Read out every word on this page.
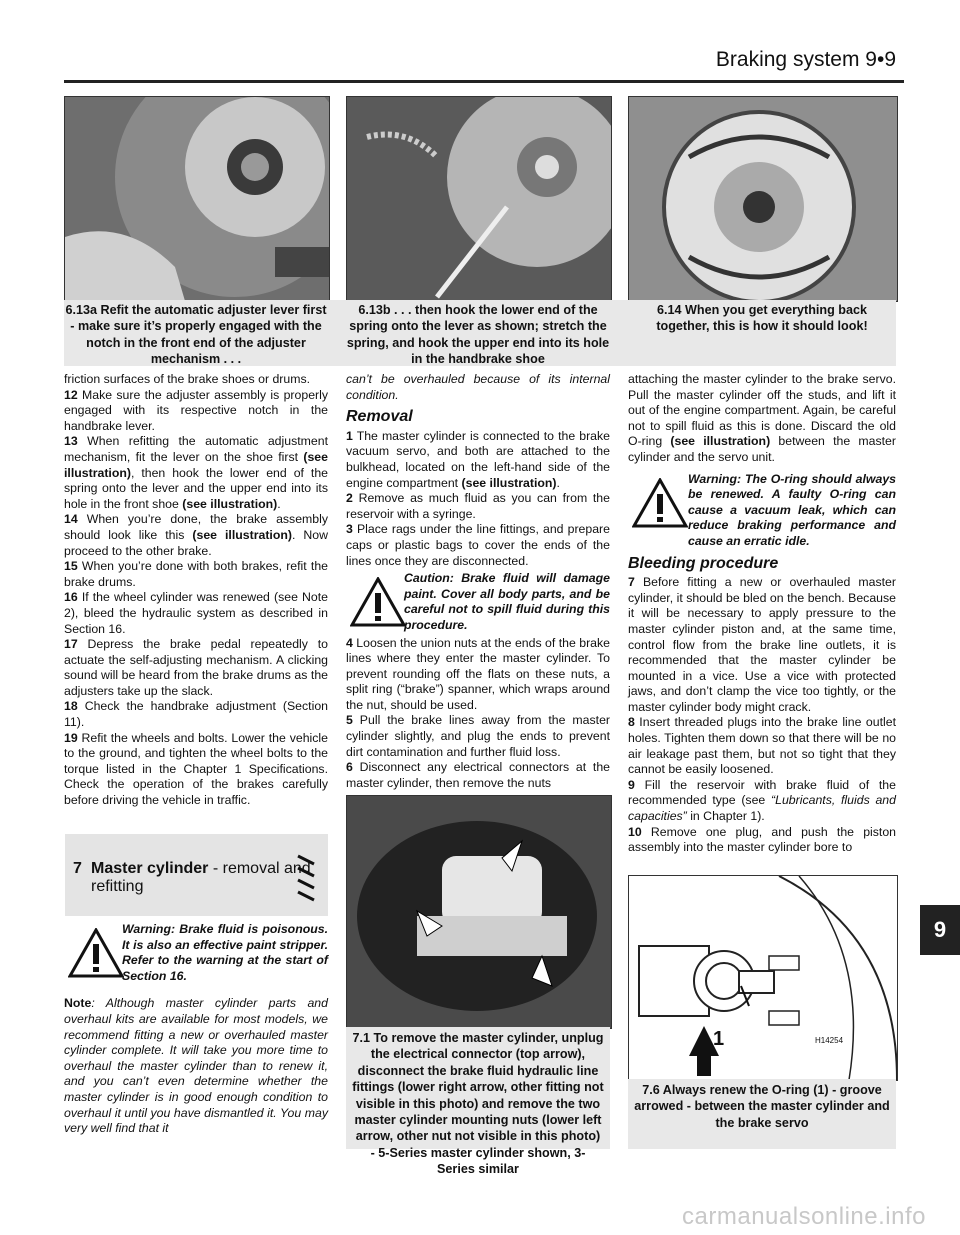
Braking system 9•9
6.13a Refit the automatic adjuster lever first - make sure it’s properly engaged with the notch in the front end of the adjuster mechanism . . .
6.13b . . . then hook the lower end of the spring onto the lever as shown; stretch the spring, and hook the upper end into its hole in the handbrake shoe
6.14 When you get everything back together, this is how it should look!

friction surfaces of the brake shoes or drums.

12 Make sure the adjuster assembly is properly engaged with its respective notch in the handbrake lever.

13 When refitting the automatic adjustment mechanism, fit the lever on the shoe first (see illustration), then hook the lower end of the spring onto the lever and the upper end into its hole in the front shoe (see illustration).

14 When you’re done, the brake assembly should look like this (see illustration). Now proceed to the other brake.

15 When you’re done with both brakes, refit the brake drums.

16 If the wheel cylinder was renewed (see Note 2), bleed the hydraulic system as described in Section 16.

17 Depress the brake pedal repeatedly to actuate the self-adjusting mechanism. A clicking sound will be heard from the brake drums as the adjusters take up the slack.

18 Check the handbrake adjustment (Section 11).

19 Refit the wheels and bolts. Lower the vehicle to the ground, and tighten the wheel bolts to the torque listed in the Chapter 1 Specifications. Check the operation of the brakes carefully before driving the vehicle in traffic.

7 Master cylinder - removal and refitting
Warning: Brake fluid is poisonous. It is also an effective paint stripper. Refer to the warning at the start of Section 16.

Note: Although master cylinder parts and overhaul kits are available for most models, we recommend fitting a new or overhauled master cylinder complete. It will take you more time to overhaul the master cylinder than to renew it, and you can’t even determine whether the master cylinder is in good enough condition to overhaul it until you have dismantled it. You may very well find that it

can’t be overhauled because of its internal condition.

Removal

1 The master cylinder is connected to the brake vacuum servo, and both are attached to the bulkhead, located on the left-hand side of the engine compartment (see illustration).

2 Remove as much fluid as you can from the reservoir with a syringe.

3 Place rags under the line fittings, and prepare caps or plastic bags to cover the ends of the lines once they are disconnected.

Caution: Brake fluid will damage paint. Cover all body parts, and be careful not to spill fluid during this procedure.

4 Loosen the union nuts at the ends of the brake lines where they enter the master cylinder. To prevent rounding off the flats on these nuts, a split ring (“brake”) spanner, which wraps around the nut, should be used.

5 Pull the brake lines away from the master cylinder slightly, and plug the ends to prevent dirt contamination and further fluid loss.

6 Disconnect any electrical connectors at the master cylinder, then remove the nuts

7.1 To remove the master cylinder, unplug the electrical connector (top arrow), disconnect the brake fluid hydraulic line fittings (lower right arrow, other fitting not visible in this photo) and remove the two master cylinder mounting nuts (lower left arrow, other nut not visible in this photo) - 5-Series master cylinder shown, 3-Series similar

attaching the master cylinder to the brake servo. Pull the master cylinder off the studs, and lift it out of the engine compartment. Again, be careful not to spill fluid as this is done. Discard the old O-ring (see illustration) between the master cylinder and the servo unit.

Warning: The O-ring should always be renewed. A faulty O-ring can cause a vacuum leak, which can reduce braking performance and cause an erratic idle.
Bleeding procedure

7 Before fitting a new or overhauled master cylinder, it should be bled on the bench. Because it will be necessary to apply pressure to the master cylinder piston and, at the same time, control flow from the brake line outlets, it is recommended that the master cylinder be mounted in a vice. Use a vice with protected jaws, and don’t clamp the vice too tightly, or the master cylinder body might crack.

8 Insert threaded plugs into the brake line outlet holes. Tighten them down so that there will be no air leakage past them, but not so tight that they cannot be easily loosened.

9 Fill the reservoir with brake fluid of the recommended type (see “Lubricants, fluids and capacities” in Chapter 1).

10 Remove one plug, and push the piston assembly into the master cylinder bore to

1	H14254
7.6 Always renew the O-ring (1) - groove arrowed - between the master cylinder and the brake servo
9
carmanualsonline.info
